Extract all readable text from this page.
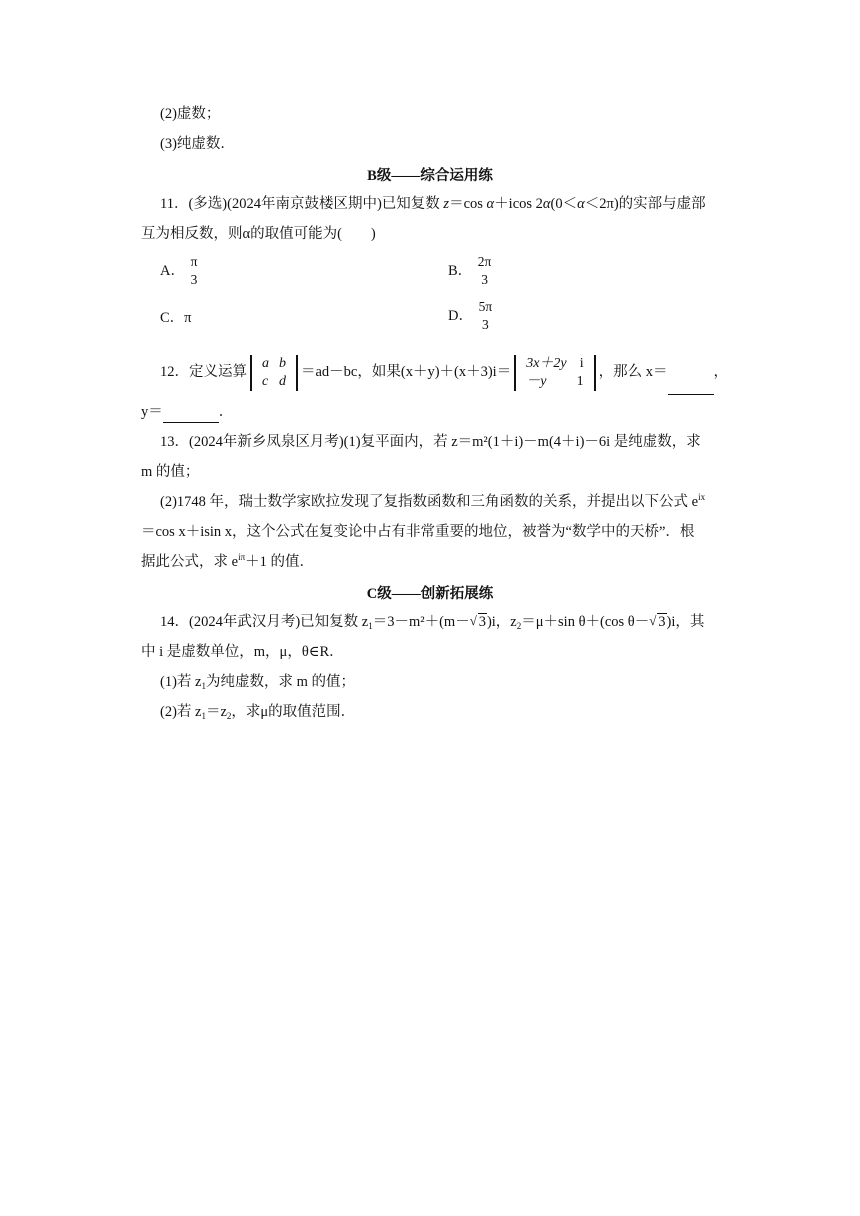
(2)虚数；
(3)纯虚数．
B级——综合运用练
11．(多选)(2024年南京鼓楼区期中)已知复数 z＝cos α＋icos 2α(0＜α＜2π)的实部与虚部
互为相反数，则α的取值可能为(　　)
A．
π
3
B．
2π
3
C．π	D．
5π
3
12．定义运算
a	b
c	d
＝ad－bc，如果(x＋y)＋(x＋3)i＝
3x＋2y	i
－y	1
，那么 x＝	，
y＝	．
13．(2024年新乡凤泉区月考)(1)复平面内，若 z＝m²(1＋i)－m(4＋i)－6i 是纯虚数，求
m 的值；
(2)1748 年，瑞士数学家欧拉发现了复指数函数和三角函数的关系，并提出以下公式 $e^{ix}$
＝cos x＋isin x，这个公式在复变论中占有非常重要的地位，被誉为“数学中的天桥”．根
据此公式，求 $e^{i\pi}+1$ 的值．
C级——创新拓展练
14．(2024年武汉月考)已知复数 $z_1=3-m^2+(m-$ √ 3)i，$z_2=\mu+\sin$ θ＋(cos θ－ √ 3)i，其
中 i 是虚数单位，m，μ，θ∈R．
(1)若 $z_1$为纯虚数，求 m 的值；
(2)若 $z_1=z_2$，求μ的取值范围．
